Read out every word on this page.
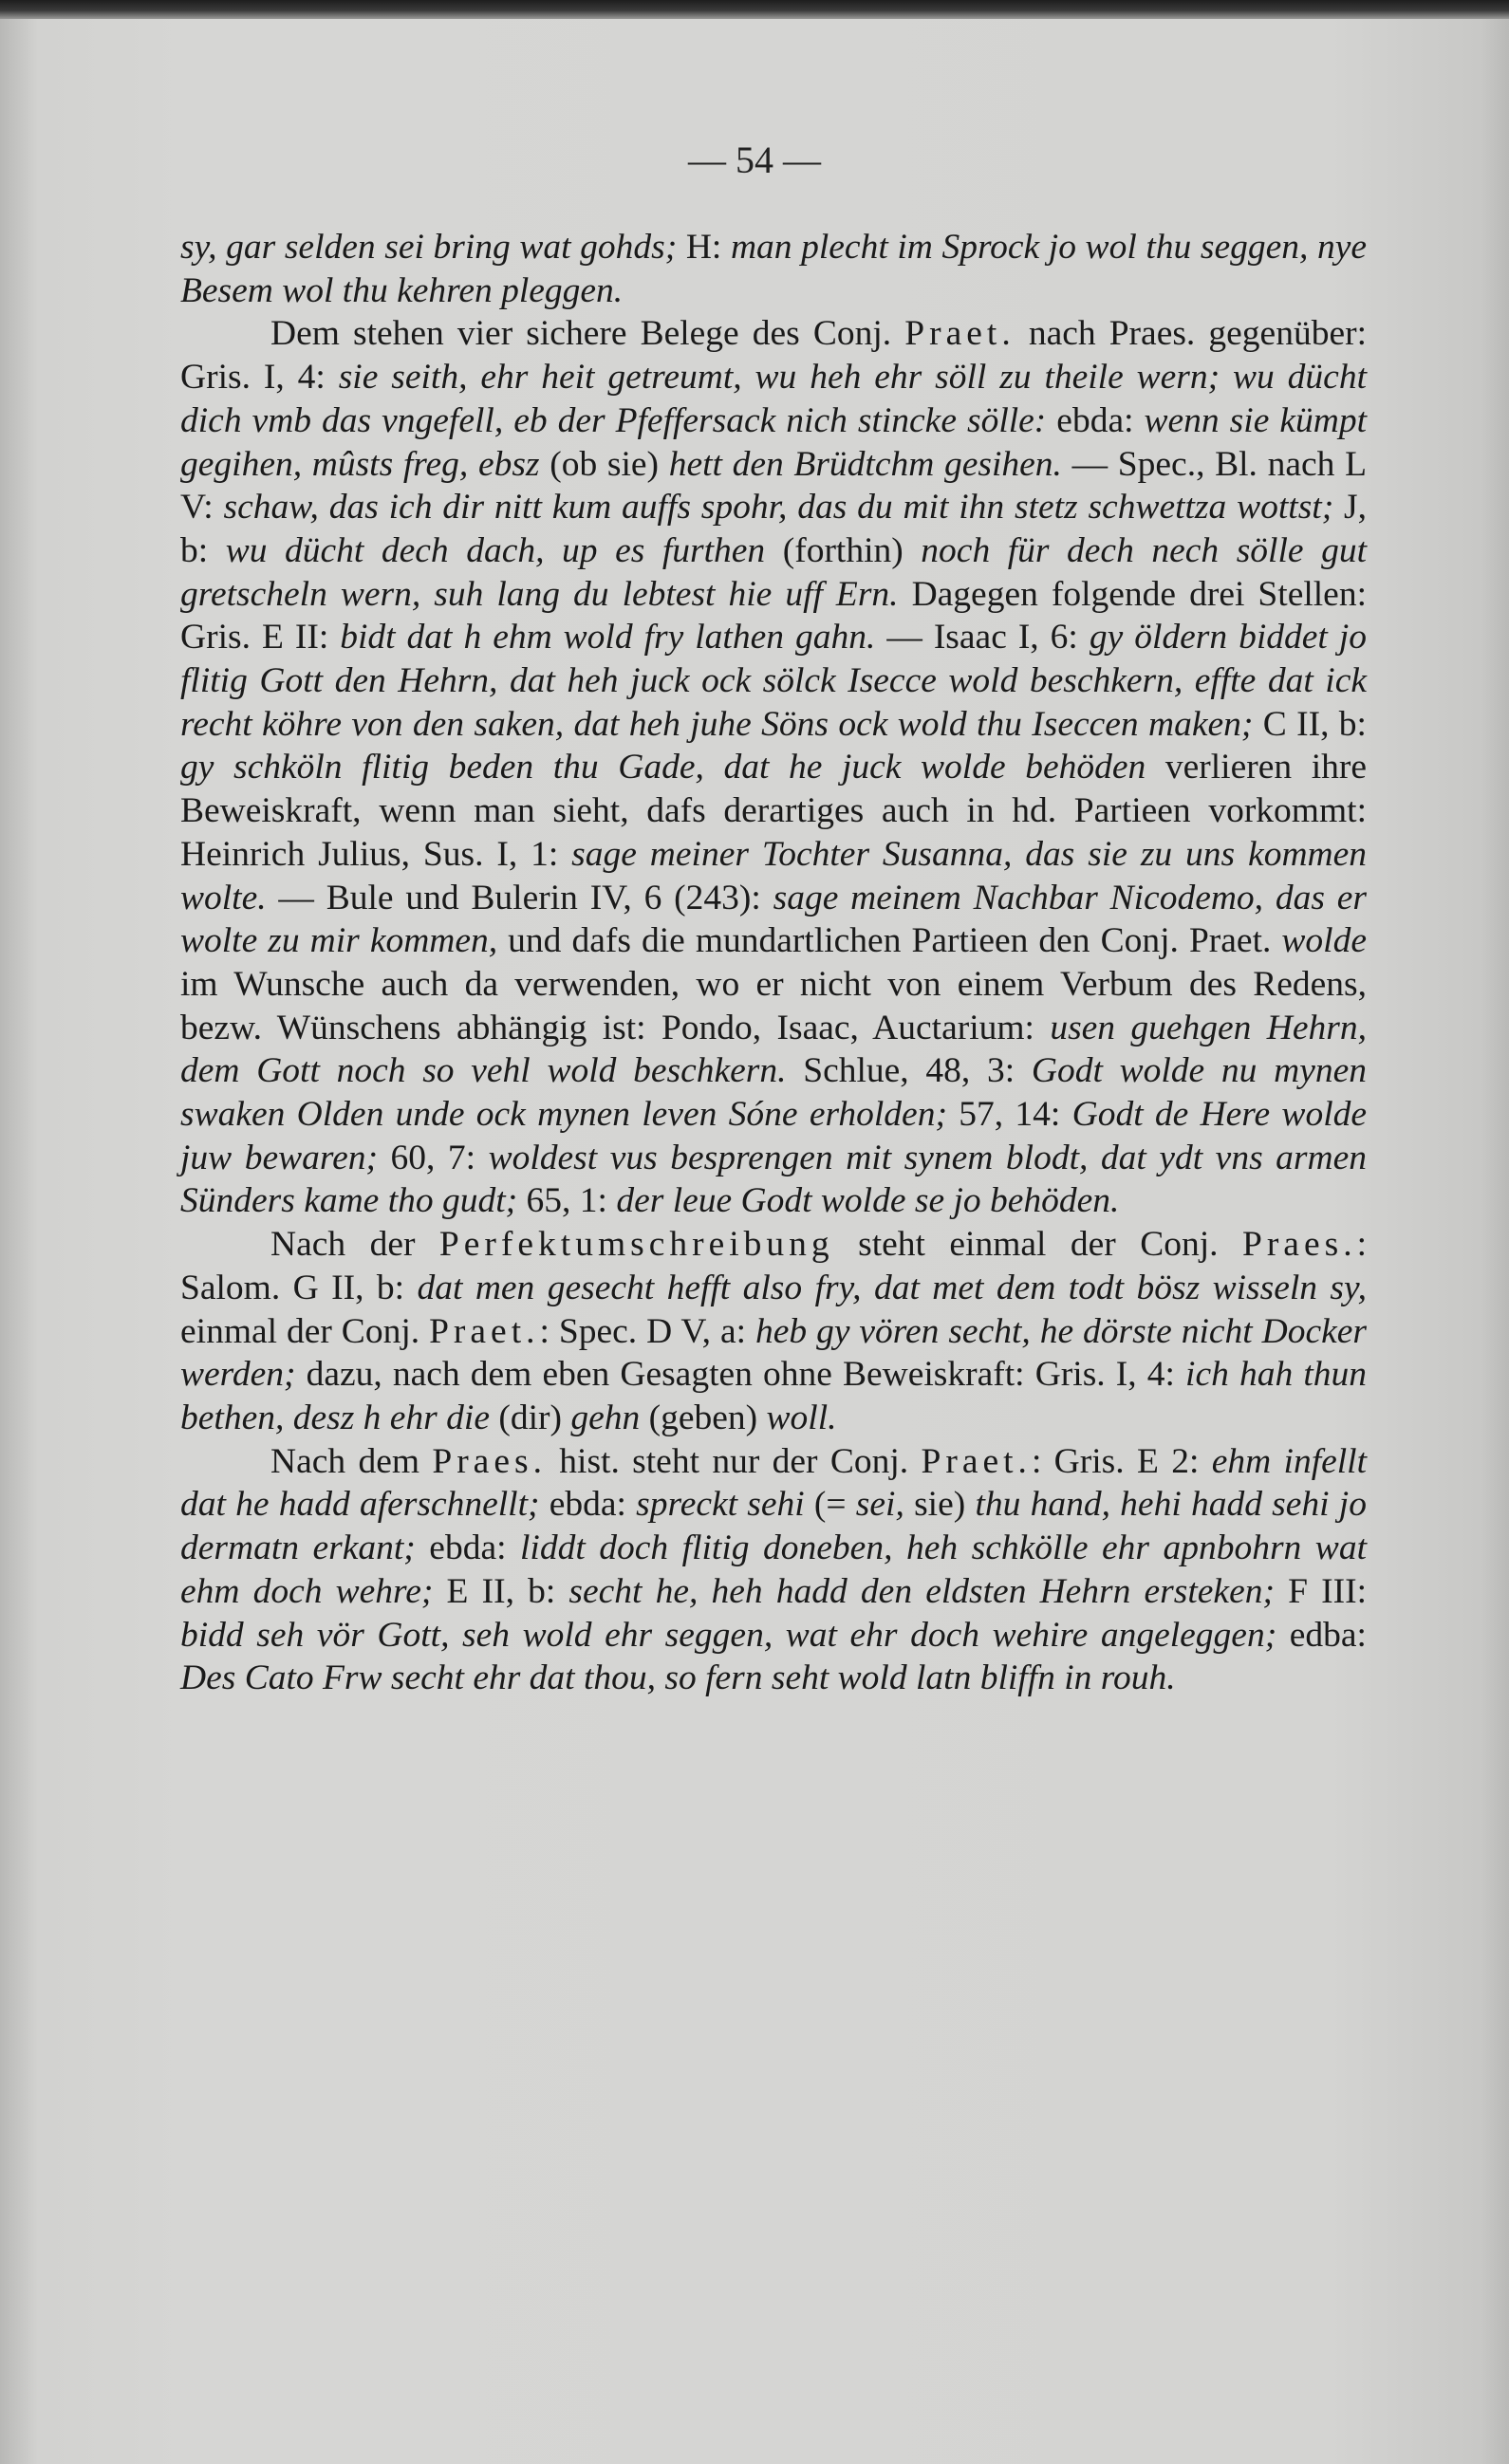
— 54 —

sy, gar selden sei bring wat gohds; H: man plecht im Sprock jo wol thu seggen, nye Besem wol thu kehren pleggen.

Dem stehen vier sichere Belege des Conj. Praet. nach Praes. gegenüber: Gris. I, 4: sie seith, ehr heit getreumt, wu heh ehr söll zu theile wern; wu dücht dich vmb das vngefell, eb der Pfeffersack nich stincke sölle: ebda: wenn sie kümpt gegihen, mûsts freg, ebsz (ob sie) hett den Brüdtchm gesihen. — Spec., Bl. nach L V: schaw, das ich dir nitt kum auffs spohr, das du mit ihn stetz schwettza wottst; J, b: wu dücht dech dach, up es furthen (forthin) noch für dech nech sölle gut gretscheln wern, suh lang du lebtest hie uff Ern. Dagegen folgende drei Stellen: Gris. E II: bidt dat h ehm wold fry lathen gahn. — Isaac I, 6: gy öldern biddet jo flitig Gott den Hehrn, dat heh juck ock sölck Isecce wold beschkern, effte dat ick recht köhre von den saken, dat heh juhe Söns ock wold thu Iseccen maken; C II, b: gy schköln flitig beden thu Gade, dat he juck wolde behöden verlieren ihre Beweiskraft, wenn man sieht, dafs derartiges auch in hd. Partieen vorkommt: Heinrich Julius, Sus. I, 1: sage meiner Tochter Susanna, das sie zu uns kommen wolte. — Bule und Bulerin IV, 6 (243): sage meinem Nachbar Nicodemo, das er wolte zu mir kommen, und dafs die mundartlichen Partieen den Conj. Praet. wolde im Wunsche auch da verwenden, wo er nicht von einem Verbum des Redens, bezw. Wünschens abhängig ist: Pondo, Isaac, Auctarium: usen guehgen Hehrn, dem Gott noch so vehl wold beschkern. Schlue, 48, 3: Godt wolde nu mynen swaken Olden unde ock mynen leven Sóne erholden; 57, 14: Godt de Here wolde juw bewaren; 60, 7: woldest vus besprengen mit synem blodt, dat ydt vns armen Sünders kame tho gudt; 65, 1: der leue Godt wolde se jo behöden.

Nach der Perfektumschreibung steht einmal der Conj. Praes.: Salom. G II, b: dat men gesecht hefft also fry, dat met dem todt bösz wisseln sy, einmal der Conj. Praet.: Spec. D V, a: heb gy vören secht, he dörste nicht Docker werden; dazu, nach dem eben Gesagten ohne Beweiskraft: Gris. I, 4: ich hah thun bethen, desz h ehr die (dir) gehn (geben) woll.

Nach dem Praes. hist. steht nur der Conj. Praet.: Gris. E 2: ehm infellt dat he hadd aferschnellt; ebda: spreckt sehi (= sei, sie) thu hand, hehi hadd sehi jo dermatn erkant; ebda: liddt doch flitig doneben, heh schkölle ehr apnbohrn wat ehm doch wehre; E II, b: secht he, heh hadd den eldsten Hehrn ersteken; F III: bidd seh vör Gott, seh wold ehr seggen, wat ehr doch wehire angeleggen; edba: Des Cato Frw secht ehr dat thou, so fern seht wold latn bliffn in rouh.
